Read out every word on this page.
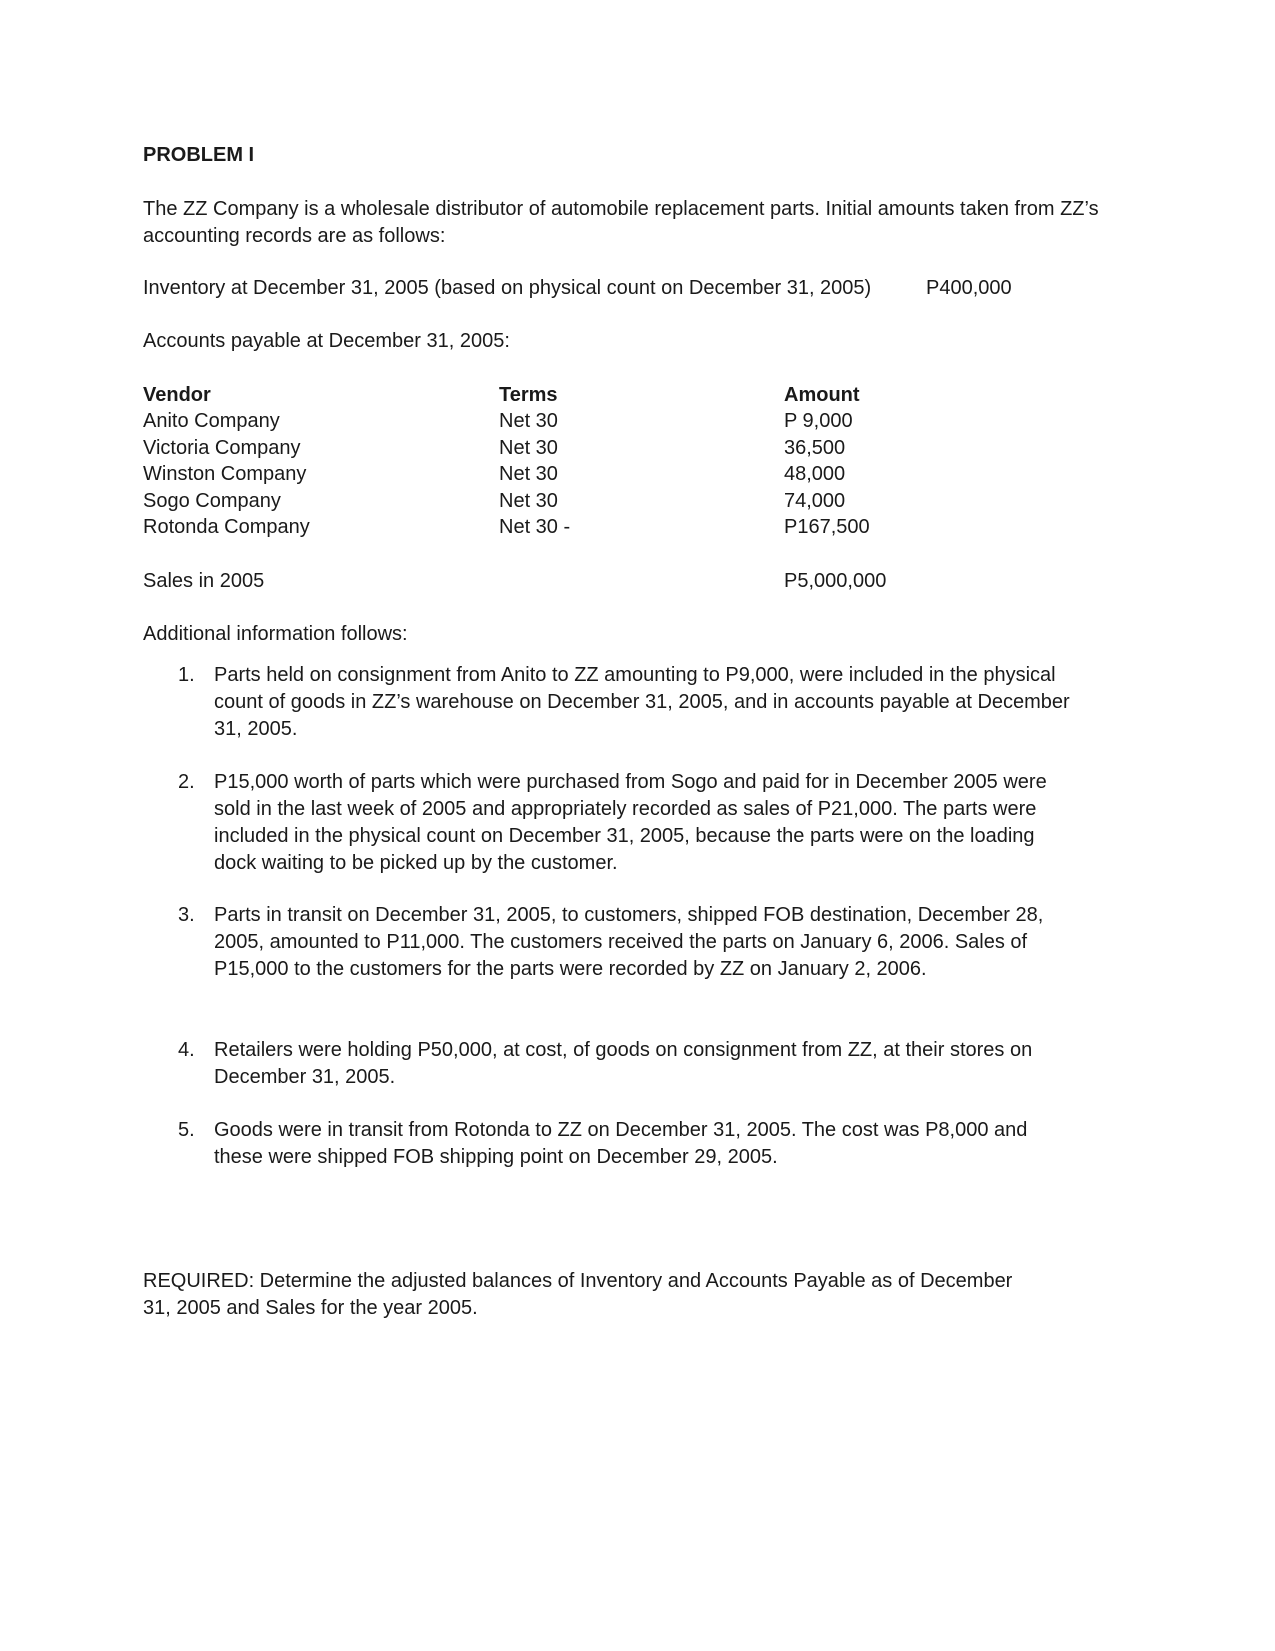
PROBLEM I
The ZZ Company is a wholesale distributor of automobile replacement parts. Initial amounts taken from ZZ’s accounting records are as follows:
Inventory at December 31, 2005 (based on physical count on December 31, 2005)	P400,000
Accounts payable at December 31, 2005:
Vendor	Terms	Amount
Anito Company	Net 30	P 9,000
Victoria Company	Net 30	36,500
Winston Company	Net 30	48,000
Sogo Company	Net 30	74,000
Rotonda Company	Net 30 -	P167,500
Sales in 2005	P5,000,000
Additional information follows:
1. Parts held on consignment from Anito to ZZ amounting to P9,000, were included in the physical count of goods in ZZ’s warehouse on December 31, 2005, and in accounts payable at December 31, 2005.
2. P15,000 worth of parts which were purchased from Sogo and paid for in December 2005 were sold in the last week of 2005 and appropriately recorded as sales of P21,000. The parts were included in the physical count on December 31, 2005, because the parts were on the loading dock waiting to be picked up by the customer.
3. Parts in transit on December 31, 2005, to customers, shipped FOB destination, December 28, 2005, amounted to P11,000. The customers received the parts on January 6, 2006. Sales of P15,000 to the customers for the parts were recorded by ZZ on January 2, 2006.
4. Retailers were holding P50,000, at cost, of goods on consignment from ZZ, at their stores on December 31, 2005.
5. Goods were in transit from Rotonda to ZZ on December 31, 2005. The cost was P8,000 and these were shipped FOB shipping point on December 29, 2005.
REQUIRED: Determine the adjusted balances of Inventory and Accounts Payable as of December 31, 2005 and Sales for the year 2005.
